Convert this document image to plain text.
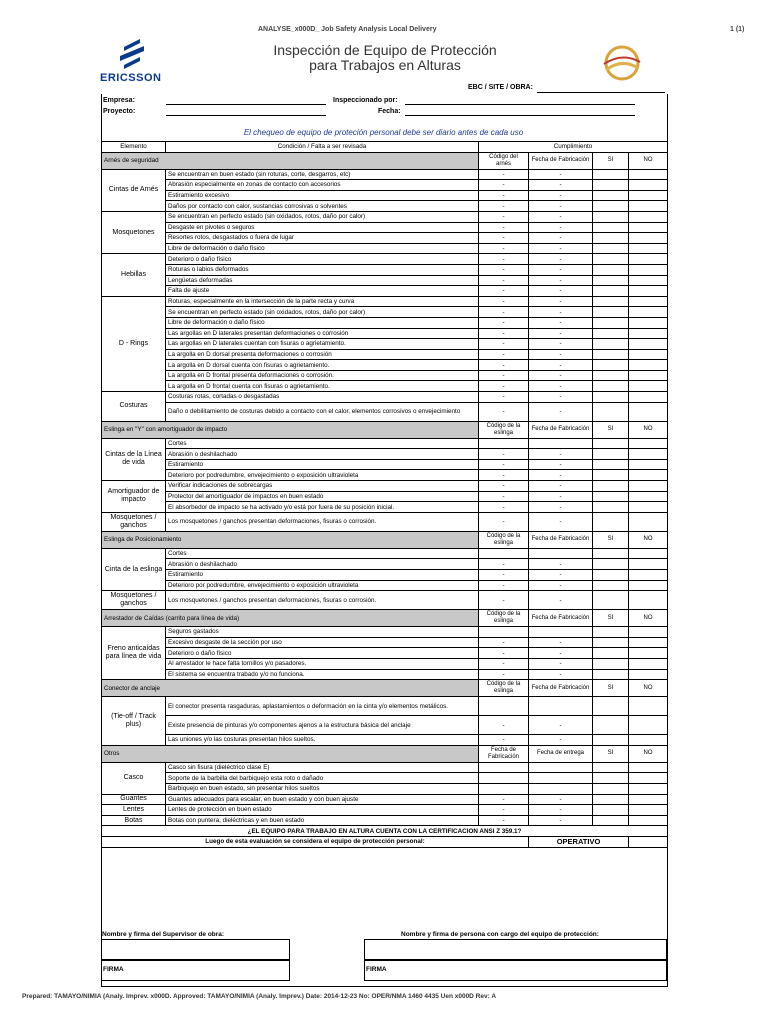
ANALYSE_x000D_ Job Safety Analysis Local Delivery	1 (1)
ERICSSON
Inspección de Equipo de Protección
para Trabajos en Alturas
EBC / SITE / OBRA:
Empresa:
Proyecto:
Inspeccionado por:
Fecha:
El chequeo de equipo de proteción personal debe ser diario antes de cada uso
Elemento	Condición / Falta a ser revisada	Cumplimiento			
Arnés de seguridad		Código del arnés	Fecha de Fabricación	SI	NO
Cintas de Arnés	Se encuentran en buen estado (sin roturas, corte, desgarros, etc)	-	-		
	Abrasión especialmente en zonas de contacto con accesorios	-	-		
	Estiramiento excesivo	-	-		
	Daños por contacto con calor, sustancias corrosivas o solventes	-	-		
Mosquetones	Se encuentran en perfecto estado (sin oxidados, rotos, daño por calor)	-	-		
	Desgaste en pivotes o seguros	-	-		
	Resortes rotos, desgastados o fuera de lugar	-	-		
	Libre de deformación o daño físico	-	-		
Hebillas	Deterioro o daño físico	-	-		
	Roturas o labios deformados	-	-		
	Lengüetas deformadas	-	-		
	Falta de ajuste	-	-		
D - Rings	Roturas, especialmente en la intersección de la parte recta y curva	-	-		
	Se encuentran en perfecto estado (sin oxidados, rotos, daño por calor)	-	-		
	Libre de deformación o daño físico	-	-		
	Las argollas en D laterales presentan deformaciones o corrosión	-	-		
	Las argollas en D laterales cuentan con fisuras o agrietamiento.	-	-		
	La argolla en D dorsal presenta deformaciones o corrosión	-	-		
	La argolla en D dorsal cuenta con fisuras o agrietamiento.	-	-		
	La argolla en D frontal presenta deformaciones o corrosión.	-	-		
	La argolla en D frontal cuenta con fisuras o agrietamiento.	-	-		
Costuras	Costuras rotas, cortadas o desgastadas	-	-		
	Daño o debilitamiento de costuras debido a contacto con el calor, elementos corrosivos o envejecimiento	-	-		
Eslinga en "Y" con amortiguador de impacto		Código de la eslinga	Fecha de Fabricación	SI	NO
Cintas de la Línea de vida	Cortes				
	Abrasión o deshilachado	-	-		
	Estiramiento	-	-		
	Deterioro por podredumbre, envejecimiento o exposición ultravioleta	-	-		
Amortiguador de impacto	Verificar indicaciones de sobrecargas	-	-		
	Protector del amortiguador de impactos en buen estado	-	-		
	El absorbedor de impacto se ha activado y/o está por fuera de su posición inicial.	-	-		
Mosquetones / ganchos	Los mosquetones / ganchos presentan deformaciones, fisuras o corrosión.	-	-		
Eslinga de Posicionamiento		Código de la eslinga	Fecha de Fabricación	SI	NO
Cinta de la eslinga	Cortes				
	Abrasión o deshilachado	-	-		
	Estiramiento	-	-		
	Deterioro por podredumbre, envejecimiento o exposición ultravioleta	-	-		
Mosquetones / ganchos	Los mosquetones / ganchos presentan deformaciones, fisuras o corrosión.	-	-		
Arrestador de Caídas (carrito para línea de vida)		Código de la eslinga	Fecha de Fabricación	SI	NO
Freno anticaídas para línea de vida	Seguros gastados				
	Excesivo desgaste de la sección por uso	-	-		
	Deterioro o daño físico	-	-		
	Al arrestador le hace falta tornillos y/o pasadores.	-	-		
	El sistema se encuentra trabado y/o no funciona.	-	-		
Conector de anclaje		Código de la eslinga	Fecha de Fabricación	SI	NO
(Tie-off / Track plus)	El conector presenta rasgaduras, aplastamientos o deformación en la cinta y/o elementos metálicos.				
	Existe presencia de pinturas y/o componentes ajenos a la estructura básica del anclaje	-	-		
	Las uniones y/o las costuras presentan hilos sueltos.	-	-		
Otros		Fecha de Fabricación	Fecha de entrega	SI	NO
Casco	Casco sin fisura (dieléctrico clase E)				
	Soporte de la barbilla del barbiquejo esta roto o dañado				
	Barbiquejo en buen estado, sin presentar hilos sueltos				
Guantes	Guantes adecuados para escalar, en buen estado y con buen ajuste	-	-		
Lentes	Lentes de protección en buen estado	-	-		
Botas	Botas con puntera, dieléctricas y en buen estado	-	-		
¿EL EQUIPO PARA TRABAJO EN ALTURA CUENTA CON LA CERTIFICACION ANSI Z 359.1?					
Luego de esta evaluación se considera el equipo de protección personal:			OPERATIVO		
Nombre y firma del Supervisor de obra:	Nombre y firma de persona con cargo del equipo de protección:
FIRMA	FIRMA
Prepared: TAMAYO/NIMIA (Analy. Imprev. x000D. Approved: TAMAYO/NIMIA (Analy. Imprev.) Date: 2014-12-23 No: OPER/NMA 1460 4435 Uen x000D Rev: A
